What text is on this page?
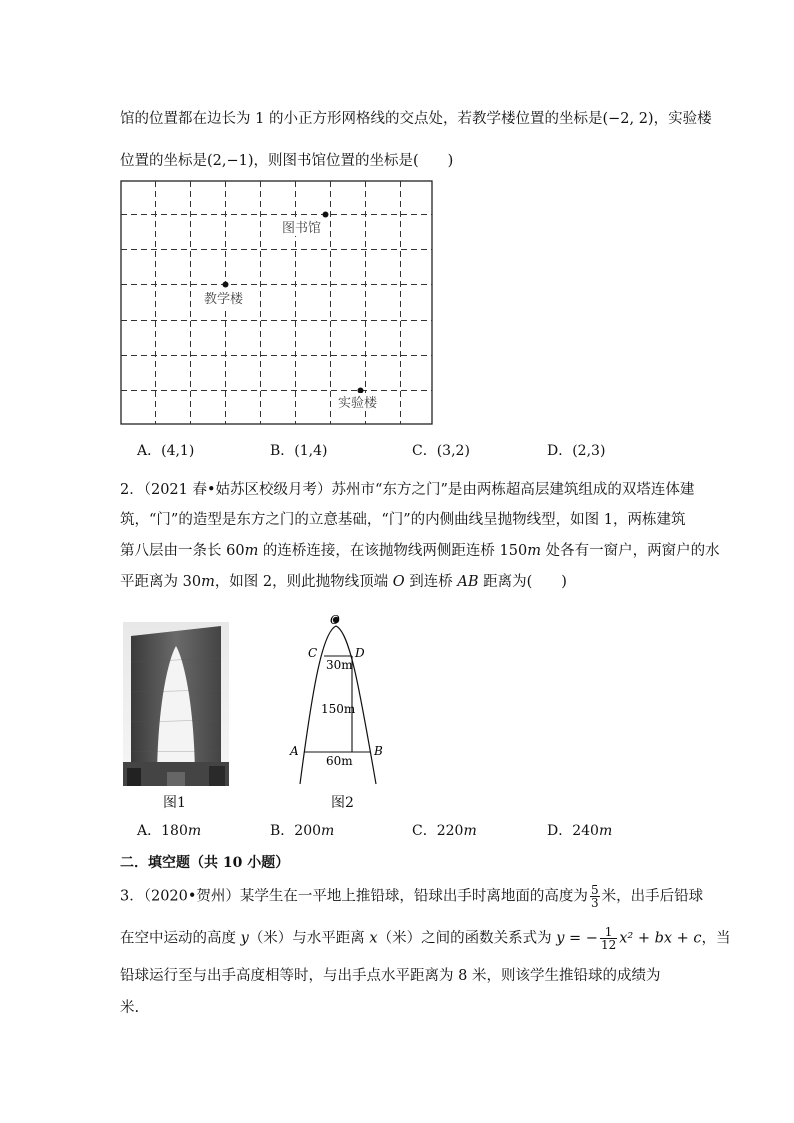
馆的位置都在边长为 1 的小正方形网格线的交点处，若教学楼位置的坐标是(−2, 2)，实验楼
位置的坐标是(2,−1)，则图书馆位置的坐标是(　　)
图书馆
教学楼
实验楼
A．(4,1)	B．(1,4)	C．(3,2)	D．(2,3)
2．（2021 春•姑苏区校级月考）苏州市“东方之门”是由两栋超高层建筑组成的双塔连体建
筑，“门”的造型是东方之门的立意基础，“门”的内侧曲线呈抛物线型，如图 1，两栋建筑
第八层由一条长 60m 的连桥连接，在该抛物线两侧距连桥 150m 处各有一窗户，两窗户的水
平距离为 30m，如图 2，则此抛物线顶端 O 到连桥 AB 距离为(　　)
图1
O
C	D
A	B
30m
150m
60m
图2
A．180m	B．200m	C．220m	D．240m
二．填空题（共 10 小题）
3．（2020•贺州）某学生在一平地上推铅球，铅球出手时离地面的高度为 $\frac{5}{3}$ 米，出手后铅球
在空中运动的高度 y（米）与水平距离 x（米）之间的函数关系式为 y = − $\frac{1}{12} x^2$ + bx + c，当
铅球运行至与出手高度相等时，与出手点水平距离为 8 米，则该学生推铅球的成绩为
米.
